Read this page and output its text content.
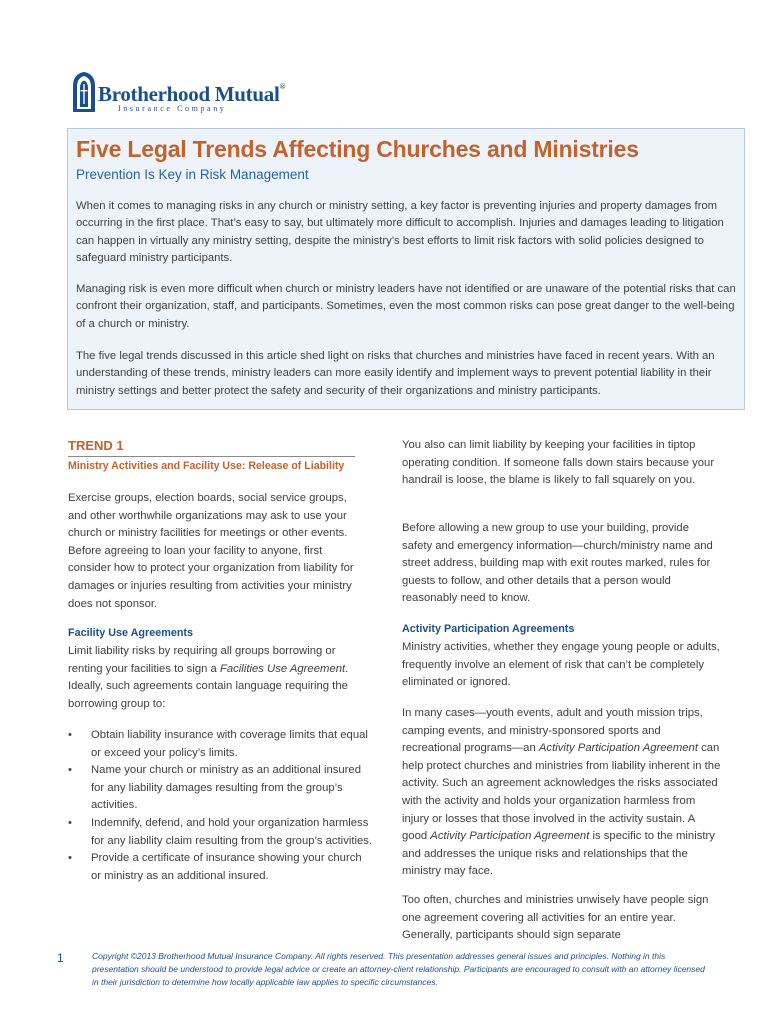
Brotherhood Mutual®
Insurance Company
Five Legal Trends Affecting Churches and Ministries
Prevention Is Key in Risk Management

When it comes to managing risks in any church or ministry setting, a key factor is preventing injuries and property damages from occurring in the first place. That’s easy to say, but ultimately more difficult to accomplish. Injuries and damages leading to litigation can happen in virtually any ministry setting, despite the ministry's best efforts to limit risk factors with solid policies designed to safeguard ministry participants.

Managing risk is even more difficult when church or ministry leaders have not identified or are unaware of the potential risks that can confront their organization, staff, and participants. Sometimes, even the most common risks can pose great danger to the well-being of a church or ministry.

The five legal trends discussed in this article shed light on risks that churches and ministries have faced in recent years. With an understanding of these trends, ministry leaders can more easily identify and implement ways to prevent potential liability in their ministry settings and better protect the safety and security of their organizations and ministry participants.

TREND 1
Ministry Activities and Facility Use: Release of Liability

Exercise groups, election boards, social service groups, and other worthwhile organizations may ask to use your church or ministry facilities for meetings or other events. Before agreeing to loan your facility to anyone, first consider how to protect your organization from liability for damages or injuries resulting from activities your ministry does not sponsor.

Facility Use Agreements

Limit liability risks by requiring all groups borrowing or renting your facilities to sign a Facilities Use Agreement. Ideally, such agreements contain language requiring the borrowing group to:

• Obtain liability insurance with coverage limits that equal or exceed your policy’s limits.
• Name your church or ministry as an additional insured for any liability damages resulting from the group’s activities.
• Indemnify, defend, and hold your organization harmless for any liability claim resulting from the group’s activities.
• Provide a certificate of insurance showing your church or ministry as an additional insured.

You also can limit liability by keeping your facilities in tiptop operating condition. If someone falls down stairs because your handrail is loose, the blame is likely to fall squarely on you.

Before allowing a new group to use your building, provide safety and emergency information—church/ministry name and street address, building map with exit routes marked, rules for guests to follow, and other details that a person would reasonably need to know.

Activity Participation Agreements

Ministry activities, whether they engage young people or adults, frequently involve an element of risk that can’t be completely eliminated or ignored.

In many cases—youth events, adult and youth mission trips, camping events, and ministry-sponsored sports and recreational programs—an Activity Participation Agreement can help protect churches and ministries from liability inherent in the activity. Such an agreement acknowledges the risks associated with the activity and holds your organization harmless from injury or losses that those involved in the activity sustain. A good Activity Participation Agreement is specific to the ministry and addresses the unique risks and relationships that the ministry may face.

Too often, churches and ministries unwisely have people sign one agreement covering all activities for an entire year. Generally, participants should sign separate

1	Copyright ©2013 Brotherhood Mutual Insurance Company. All rights reserved. This presentation addresses general issues and principles. Nothing in this presentation should be understood to provide legal advice or create an attorney-client relationship. Participants are encouraged to consult with an attorney licensed in their jurisdiction to determine how locally applicable law applies to specific circumstances.
